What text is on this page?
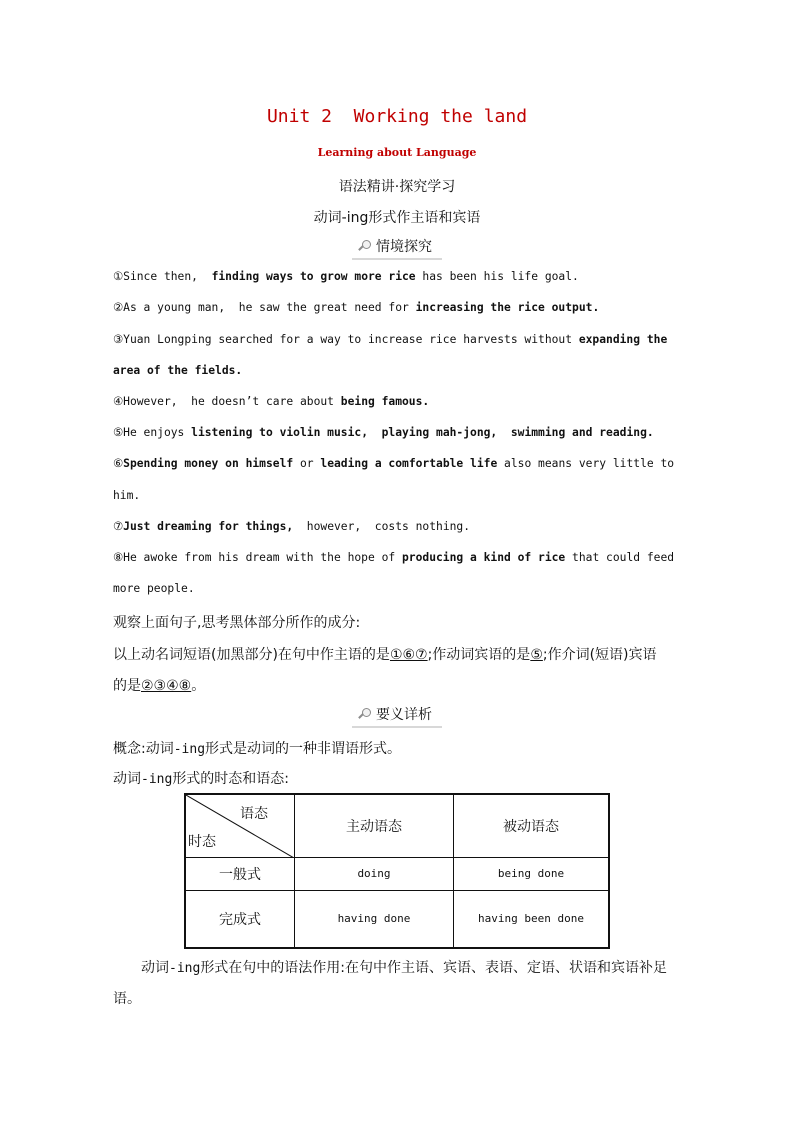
Unit 2  Working the land
Learning about Language
语法精讲·探究学习
动词-ing形式作主语和宾语
情境探究
①Since then,  finding ways to grow more rice has been his life goal.
②As a young man,  he saw the great need for increasing the rice output.
③Yuan Longping searched for a way to increase rice harvests without expanding the
area of the fields.
④However,  he doesn’t care about being famous.
⑤He enjoys listening to violin music, playing mah-jong, swimming and reading.
⑥Spending money on himself or leading a comfortable life also means very little to
him.
⑦Just dreaming for things,  however,  costs nothing.
⑧He awoke from his dream with the hope of producing a kind of rice that could feed
more people.
观察上面句子,思考黑体部分所作的成分:
以上动名词短语(加黑部分)在句中作主语的是①⑥⑦;作动词宾语的是⑤;作介词(短语)宾语
的是②③④⑧。
要义详析
概念:动词-ing形式是动词的一种非谓语形式。
动词-ing形式的时态和语态:
语态
时态	主动语态	被动语态
一般式	doing	being done
完成式	having done	having been done
动词-ing形式在句中的语法作用:在句中作主语、宾语、表语、定语、状语和宾语补足
语。
